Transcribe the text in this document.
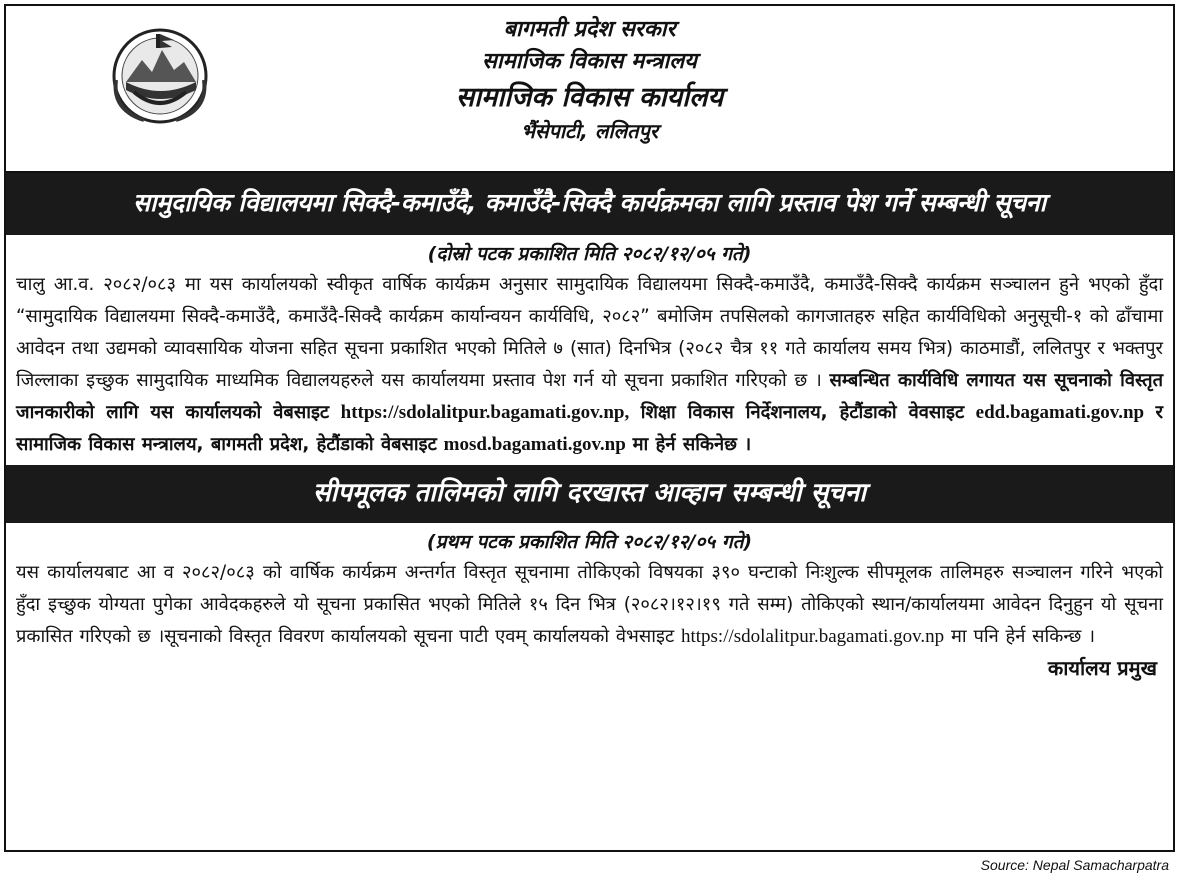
बागमती प्रदेश सरकार
सामाजिक विकास मन्त्रालय
सामाजिक विकास कार्यालय
भैंसेपाटी, ललितपुर
सामुदायिक विद्यालयमा सिक्दै-कमाउँदै, कमाउँदै-सिक्दै कार्यक्रमका लागि प्रस्ताव पेश गर्ने सम्बन्धी सूचना
(दोस्रो पटक प्रकाशित मिति २०८२/१२/०५ गते)
चालु आ.व. २०८२/०८३ मा यस कार्यालयको स्वीकृत वार्षिक कार्यक्रम अनुसार सामुदायिक विद्यालयमा सिक्दै-कमाउँदै, कमाउँदै-सिक्दै कार्यक्रम सञ्चालन हुने भएको हुँदा “सामुदायिक विद्यालयमा सिक्दै-कमाउँदै, कमाउँदै-सिक्दै कार्यक्रम कार्यान्वयन कार्यविधि, २०८२” बमोजिम तपसिलको कागजातहरु सहित कार्यविधिको अनुसूची-१ को ढाँचामा आवेदन तथा उद्यमको व्यावसायिक योजना सहित सूचना प्रकाशित भएको मितिले ७ (सात) दिनभित्र (२०८२ चैत्र ११ गते कार्यालय समय भित्र) काठमाडौं, ललितपुर र भक्तपुर जिल्लाका इच्छुक सामुदायिक माध्यमिक विद्यालयहरुले यस कार्यालयमा प्रस्ताव पेश गर्न यो सूचना प्रकाशित गरिएको छ । सम्बन्धित कार्यविधि लगायत यस सूचनाको विस्तृत जानकारीको लागि यस कार्यालयको वेबसाइट https://sdolalitpur.bagamati.gov.np, शिक्षा विकास निर्देशनालय, हेटौंडाको वेवसाइट edd.bagamati.gov.np र सामाजिक विकास मन्त्रालय, बागमती प्रदेश, हेटौंडाको वेबसाइट mosd.bagamati.gov.np मा हेर्न सकिनेछ ।
सीपमूलक तालिमको लागि दरखास्त आव्हान सम्बन्धी सूचना
(प्रथम पटक प्रकाशित मिति २०८२/१२/०५ गते)
यस कार्यालयबाट आ व २०८२/०८३ को वार्षिक कार्यक्रम अन्तर्गत विस्तृत सूचनामा तोकिएको विषयका ३९० घन्टाको निःशुल्क सीपमूलक तालिमहरु सञ्चालन गरिने भएको हुँदा इच्छुक योग्यता पुगेका आवेदकहरुले यो सूचना प्रकासित भएको मितिले १५ दिन भित्र (२०८२।१२।१९ गते सम्म) तोकिएको स्थान/कार्यालयमा आवेदन दिनुहुन यो सूचना प्रकासित गरिएको छ ।सूचनाको विस्तृत विवरण कार्यालयको सूचना पाटी एवम् कार्यालयको वेभसाइट https://sdolalitpur.bagamati.gov.np मा पनि हेर्न सकिन्छ ।
कार्यालय प्रमुख
Source: Nepal Samacharpatra
